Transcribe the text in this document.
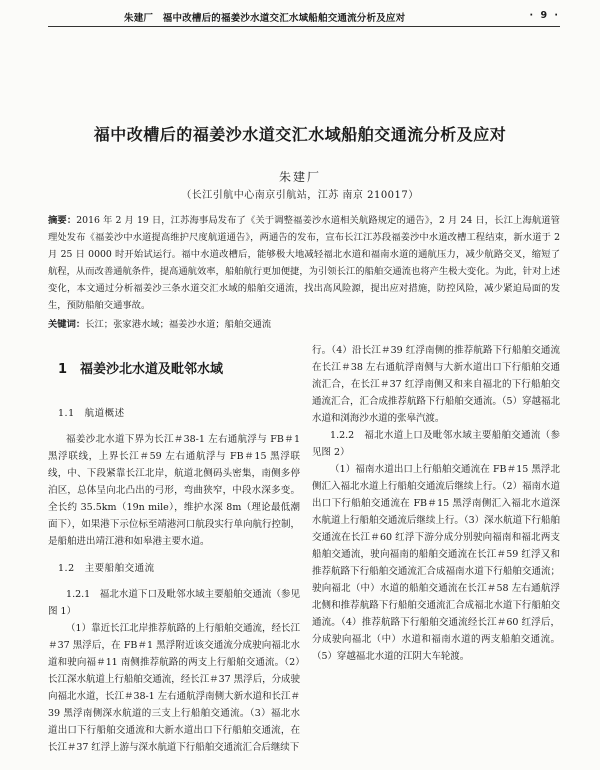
朱建厂　福中改槽后的福姜沙水道交汇水域船舶交通流分析及应对	· 9 ·
福中改槽后的福姜沙水道交汇水域船舶交通流分析及应对
朱建厂
（长江引航中心南京引航站，江苏 南京 210017）
摘要：2016 年 2 月 19 日，江苏海事局发布了《关于调整福姜沙水道相关航路规定的通告》，2 月 24 日，长江上海航道管理处发布《福姜沙中水道提高维护尺度航道通告》，两通告的发布，宣布长江江苏段福姜沙中水道改槽工程结束，新水道于 2 月 25 日 0000 时开始试运行。福中水道改槽后，能够极大地减轻福北水道和福南水道的通航压力，减少航路交叉，缩短了航程，从而改善通航条件，提高通航效率，船舶航行更加便捷，为引领长江的船舶交通流也将产生极大变化。为此，针对上述变化，本文通过分析福姜沙三条水道交汇水域的船舶交通流，找出高风险源，提出应对措施，防控风险，减少紧迫局面的发生，预防船舶交通事故。
关键词：长江；张家港水域；福姜沙水道；船舶交通流
1　福姜沙北水道及毗邻水域
1.1　航道概述

福姜沙北水道下界为长江＃38-1 左右通航浮与 FB＃1 黑浮联线，上界长江＃59 左右通航浮与 FB＃15 黑浮联线，中、下段紧靠长江北岸，航道北侧码头密集，南侧多停泊区，总体呈向北凸出的弓形，弯曲狭窄，中段水深多变。全长约 35.5km（19n mile），维护水深 8m（理论最低潮面下），如果港下示位标至靖港河口航段实行单向航行控制，是船舶进出靖江港和如皋港主要水道。

1.2　主要船舶交通流

1.2.1　福北水道下口及毗邻水域主要船舶交通流（参见图 1）

（1）靠近长江北岸推荐航路的上行船舶交通流，经长江＃37 黑浮后，在 FB＃1 黑浮附近该交通流分成驶向福北水道和驶向福＃11 南侧推荐航路的两支上行船舶交通流。（2）长江深水航道上行船舶交通流，经长江＃37 黑浮后，分成驶向福北水道，长江＃38-1 左右通航浮南侧大新水道和长江＃39 黑浮南侧深水航道的三支上行船舶交通流。（3）福北水道出口下行船舶交通流和大新水道出口下行船舶交通流，在长江＃37 红浮上游与深水航道下行船舶交通流汇合后继续下

行。（4）沿长江＃39 红浮南侧的推荐航路下行船舶交通流在长江＃38 左右通航浮南侧与大新水道出口下行船舶交通流汇合，在长江＃37 红浮南侧又和来自福北的下行船舶交通流汇合，汇合成推荐航路下行船舶交通流。（5）穿越福北水道和浏海沙水道的张皋汽渡。

1.2.2　福北水道上口及毗邻水域主要船舶交通流（参见图 2）

（1）福南水道出口上行船舶交通流在 FB＃15 黑浮北侧汇入福北水道上行船舶交通流后继续上行。（2）福南水道出口下行船舶交通流在 FB＃15 黑浮南侧汇入福北水道深水航道上行船舶交通流后继续上行。（3）深水航道下行船舶交通流在长江＃60 红浮下游分成分别驶向福南和福北两支船舶交通流，驶向福南的船舶交通流在长江＃59 红浮又和推荐航路下行船舶交通流汇合成福南水道下行船舶交通流；驶向福北（中）水道的船舶交通流在长江＃58 左右通航浮北侧和推荐航路下行船舶交通流汇合成福北水道下行船舶交通流。（4）推荐航路下行船舶交通流经长江＃60 红浮后，分成驶向福北（中）水道和福南水道的两支船舶交通流。（5）穿越福北水道的江阴大车轮渡。
